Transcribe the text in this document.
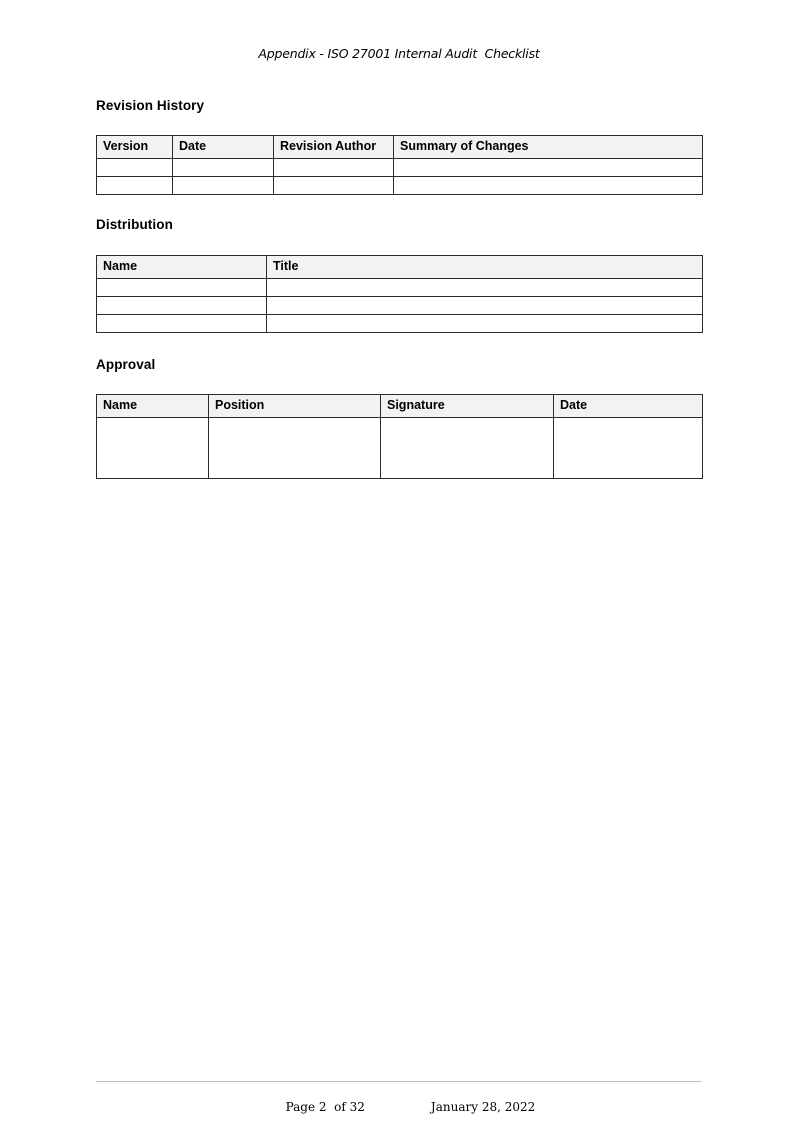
Appendix - ISO 27001 Internal Audit  Checklist
Revision History
Version	Date	Revision Author	Summary of Changes

Distribution
Name	Title

Approval
Name	Position	Signature	Date

Page 2  of 32	January 28, 2022
